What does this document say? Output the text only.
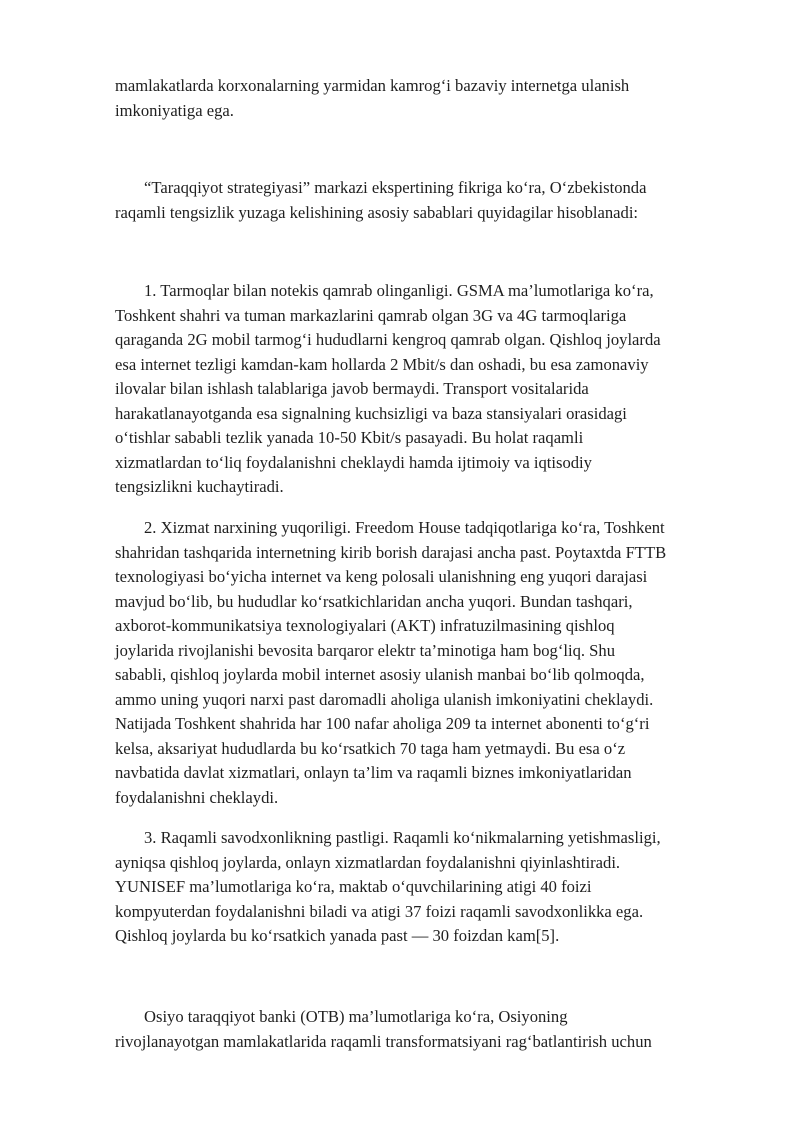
mamlakatlarda korxonalarning yarmidan kamrog‘i bazaviy internetga ulanish
imkoniyatiga ega.

“Taraqqiyot strategiyasi” markazi ekspertining fikriga ko‘ra, O‘zbekistonda
raqamli tengsizlik yuzaga kelishining asosiy sabablari quyidagilar hisoblanadi:

1. Tarmoqlar bilan notekis qamrab olinganligi. GSMA ma’lumotlariga ko‘ra,
Toshkent shahri va tuman markazlarini qamrab olgan 3G va 4G tarmoqlariga
qaraganda 2G mobil tarmog‘i hududlarni kengroq qamrab olgan. Qishloq joylarda
esa internet tezligi kamdan-kam hollarda 2 Mbit/s dan oshadi, bu esa zamonaviy
ilovalar bilan ishlash talablariga javob bermaydi. Transport vositalarida
harakatlanayotganda esa signalning kuchsizligi va baza stansiyalari orasidagi
o‘tishlar sababli tezlik yanada 10-50 Kbit/s pasayadi. Bu holat raqamli
xizmatlardan to‘liq foydalanishni cheklaydi hamda ijtimoiy va iqtisodiy
tengsizlikni kuchaytiradi.

2. Xizmat narxining yuqoriligi. Freedom House tadqiqotlariga ko‘ra, Toshkent
shahridan tashqarida internetning kirib borish darajasi ancha past. Poytaxtda FTTB
texnologiyasi bo‘yicha internet va keng polosali ulanishning eng yuqori darajasi
mavjud bo‘lib, bu hududlar ko‘rsatkichlaridan ancha yuqori. Bundan tashqari,
axborot-kommunikatsiya texnologiyalari (AKT) infratuzilmasining qishloq
joylarida rivojlanishi bevosita barqaror elektr ta’minotiga ham bog‘liq. Shu
sababli, qishloq joylarda mobil internet asosiy ulanish manbai bo‘lib qolmoqda,
ammo uning yuqori narxi past daromadli aholiga ulanish imkoniyatini cheklaydi.
Natijada Toshkent shahrida har 100 nafar aholiga 209 ta internet abonenti to‘g‘ri
kelsa, aksariyat hududlarda bu ko‘rsatkich 70 taga ham yetmaydi. Bu esa o‘z
navbatida davlat xizmatlari, onlayn ta’lim va raqamli biznes imkoniyatlaridan
foydalanishni cheklaydi.

3. Raqamli savodxonlikning pastligi. Raqamli ko‘nikmalarning yetishmasligi,
ayniqsa qishloq joylarda, onlayn xizmatlardan foydalanishni qiyinlashtiradi.
YUNISEF ma’lumotlariga ko‘ra, maktab o‘quvchilarining atigi 40 foizi
kompyuterdan foydalanishni biladi va atigi 37 foizi raqamli savodxonlikka ega.
Qishloq joylarda bu ko‘rsatkich yanada past — 30 foizdan kam[5].

Osiyo taraqqiyot banki (OTB) ma’lumotlariga ko‘ra, Osiyoning
rivojlanayotgan mamlakatlarida raqamli transformatsiyani rag‘batlantirish uchun
